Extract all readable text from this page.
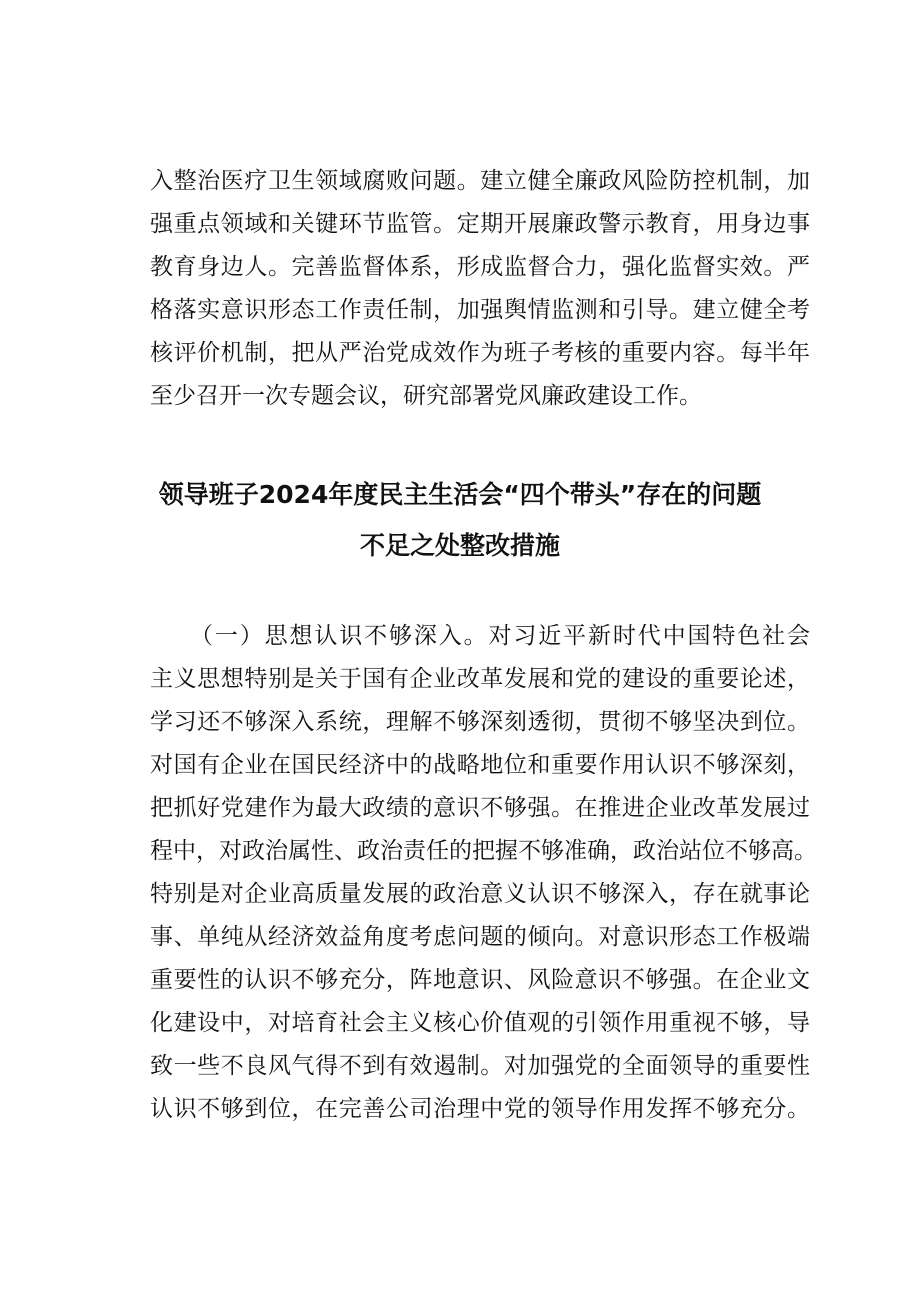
入整治医疗卫生领域腐败问题。建立健全廉政风险防控机制，加
强重点领域和关键环节监管。定期开展廉政警示教育，用身边事
教育身边人。完善监督体系，形成监督合力，强化监督实效。严
格落实意识形态工作责任制，加强舆情监测和引导。建立健全考
核评价机制，把从严治党成效作为班子考核的重要内容。每半年
至少召开一次专题会议，研究部署党风廉政建设工作。
领导班子2024年度民主生活会“四个带头”存在的问题
不足之处整改措施
（一）思想认识不够深入。对习近平新时代中国特色社会
主义思想特别是关于国有企业改革发展和党的建设的重要论述，
学习还不够深入系统，理解不够深刻透彻，贯彻不够坚决到位。
对国有企业在国民经济中的战略地位和重要作用认识不够深刻，
把抓好党建作为最大政绩的意识不够强。在推进企业改革发展过
程中，对政治属性、政治责任的把握不够准确，政治站位不够高。
特别是对企业高质量发展的政治意义认识不够深入，存在就事论
事、单纯从经济效益角度考虑问题的倾向。对意识形态工作极端
重要性的认识不够充分，阵地意识、风险意识不够强。在企业文
化建设中，对培育社会主义核心价值观的引领作用重视不够，导
致一些不良风气得不到有效遏制。对加强党的全面领导的重要性
认识不够到位，在完善公司治理中党的领导作用发挥不够充分。
